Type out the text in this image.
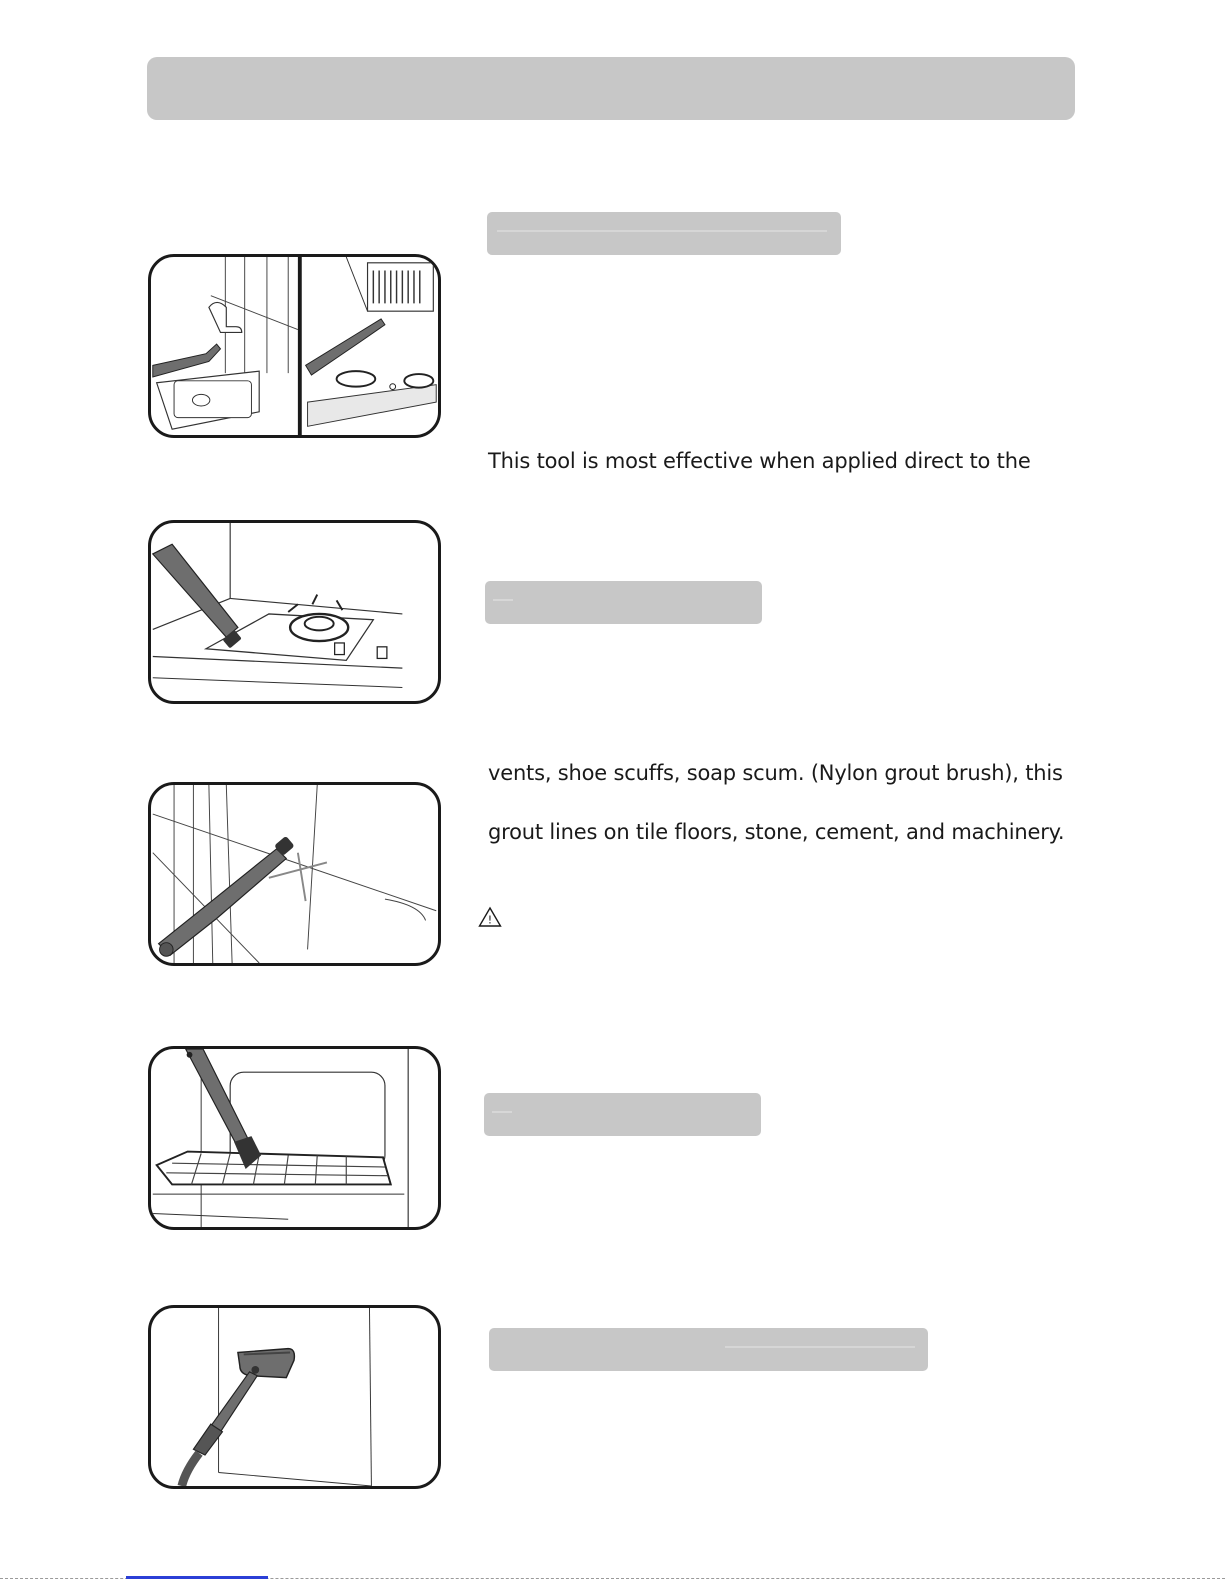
This tool is most effective when applied direct to the
vents, shoe scuffs, soap scum. (Nylon grout brush), this
grout lines on tile floors, stone, cement, and machinery.
!
